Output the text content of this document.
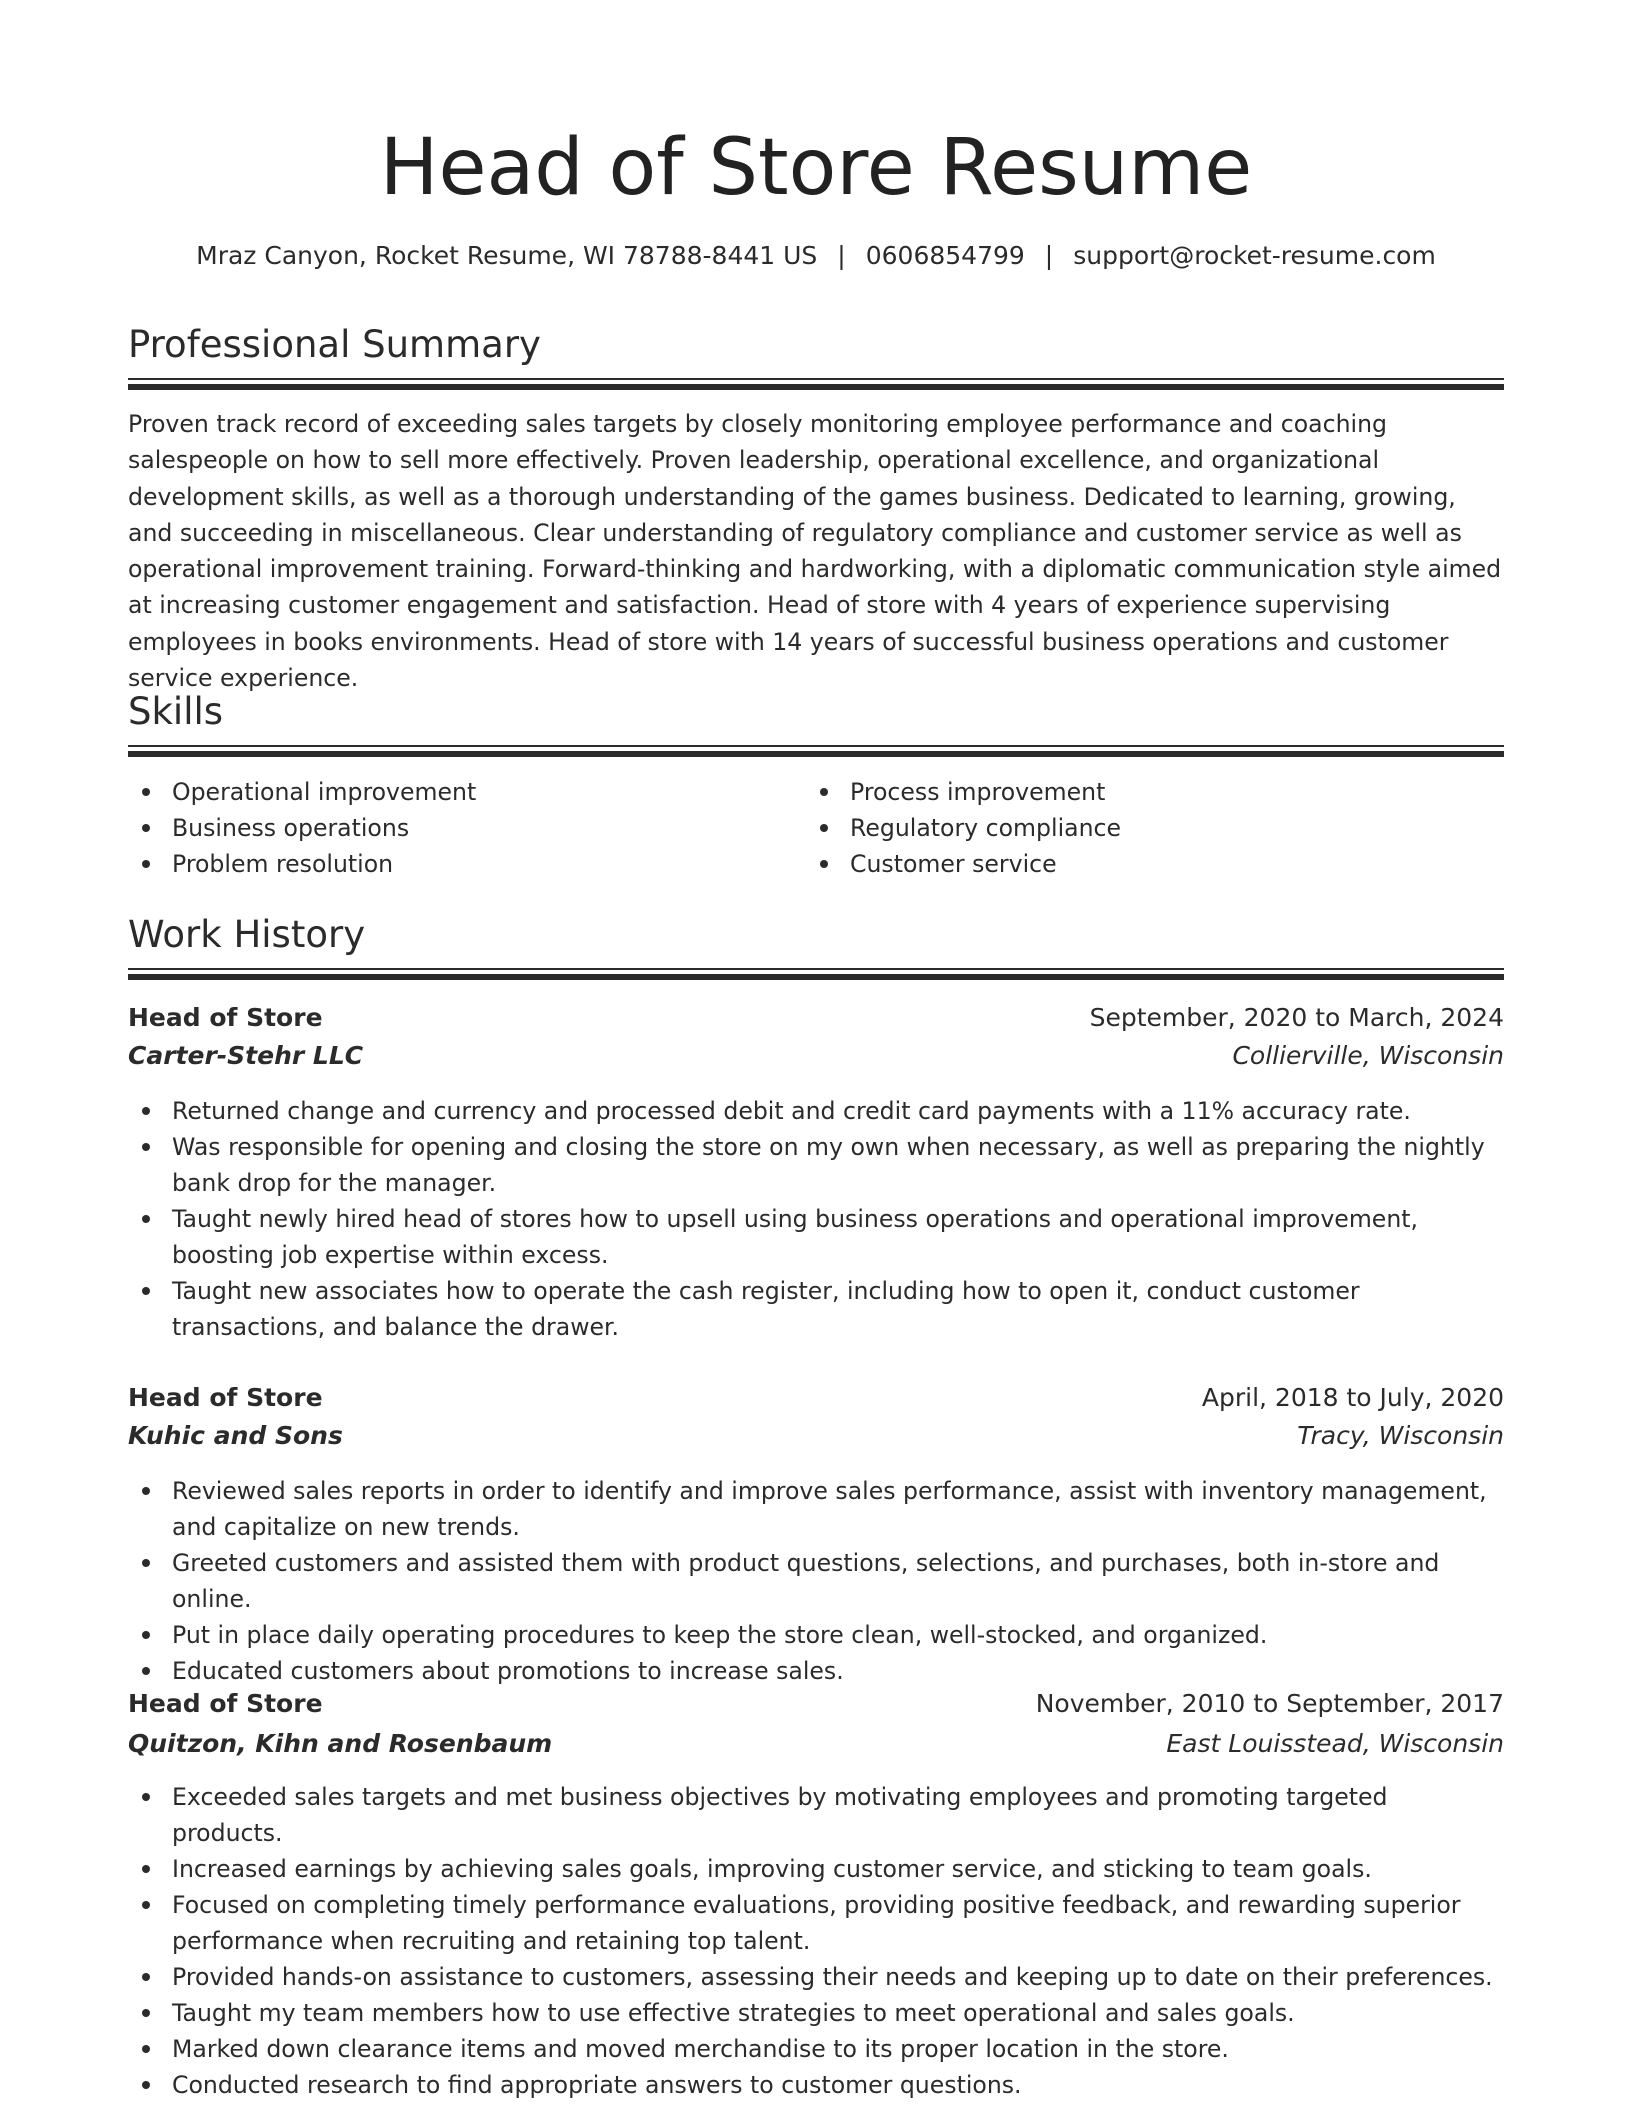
Head of Store Resume
Mraz Canyon, Rocket Resume, WI 78788-8441 US | 0606854799 | support@rocket-resume.com
Professional Summary

Proven track record of exceeding sales targets by closely monitoring employee performance and coaching salespeople on how to sell more effectively. Proven leadership, operational excellence, and organizational development skills, as well as a thorough understanding of the games business. Dedicated to learning, growing, and succeeding in miscellaneous. Clear understanding of regulatory compliance and customer service as well as operational improvement training. Forward-thinking and hardworking, with a diplomatic communication style aimed at increasing customer engagement and satisfaction. Head of store with 4 years of experience supervising employees in books environments. Head of store with 14 years of successful business operations and customer service experience.

Skills
Operational improvement
Business operations
Problem resolution
Process improvement
Regulatory compliance
Customer service
Work History
Head of Store	September, 2020 to March, 2024
Carter-Stehr LLC	Collierville, Wisconsin
Returned change and currency and processed debit and credit card payments with a 11% accuracy rate.
Was responsible for opening and closing the store on my own when necessary, as well as preparing the nightly bank drop for the manager.
Taught newly hired head of stores how to upsell using business operations and operational improvement, boosting job expertise within excess.
Taught new associates how to operate the cash register, including how to open it, conduct customer transactions, and balance the drawer.
Head of Store	April, 2018 to July, 2020
Kuhic and Sons	Tracy, Wisconsin
Reviewed sales reports in order to identify and improve sales performance, assist with inventory management, and capitalize on new trends.
Greeted customers and assisted them with product questions, selections, and purchases, both in-store and online.
Put in place daily operating procedures to keep the store clean, well-stocked, and organized.
Educated customers about promotions to increase sales.
Head of Store	November, 2010 to September, 2017
Quitzon, Kihn and Rosenbaum	East Louisstead, Wisconsin
Exceeded sales targets and met business objectives by motivating employees and promoting targeted products.
Increased earnings by achieving sales goals, improving customer service, and sticking to team goals.
Focused on completing timely performance evaluations, providing positive feedback, and rewarding superior performance when recruiting and retaining top talent.
Provided hands-on assistance to customers, assessing their needs and keeping up to date on their preferences.
Taught my team members how to use effective strategies to meet operational and sales goals.
Marked down clearance items and moved merchandise to its proper location in the store.
Conducted research to find appropriate answers to customer questions.
